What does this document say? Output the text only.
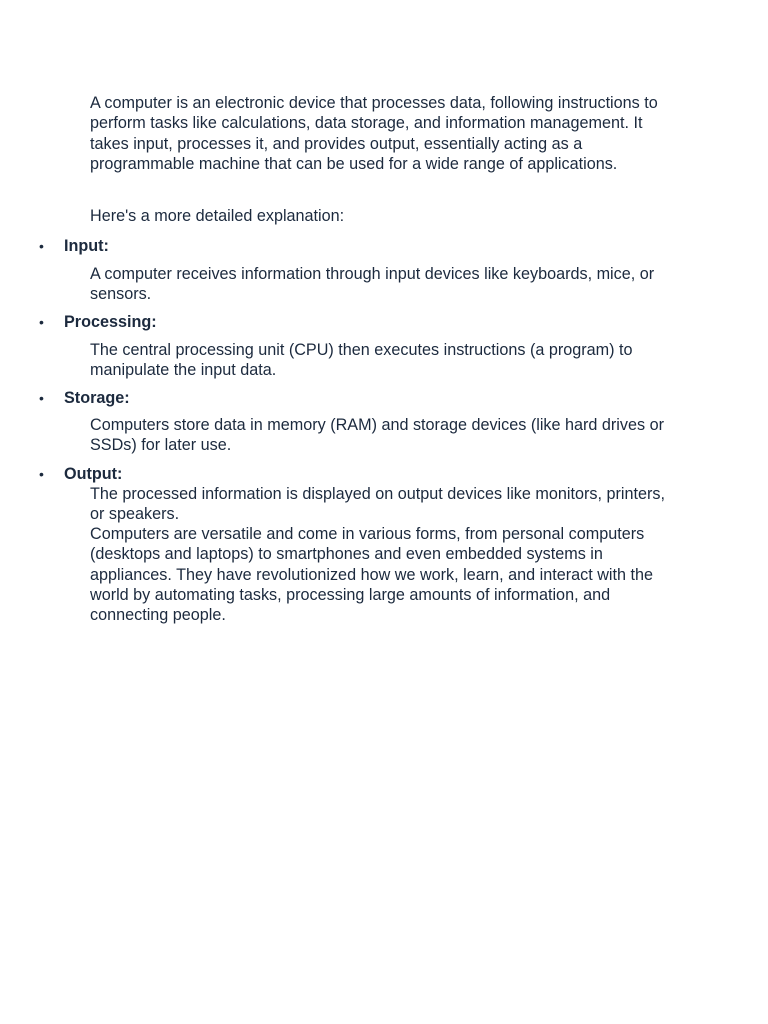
A computer is an electronic device that processes data, following instructions to perform tasks like calculations, data storage, and information management. It takes input, processes it, and provides output, essentially acting as a programmable machine that can be used for a wide range of applications.

Here's a more detailed explanation:

•	Input:

A computer receives information through input devices like keyboards, mice, or sensors.

•	Processing:

The central processing unit (CPU) then executes instructions (a program) to manipulate the input data.

•	Storage:

Computers store data in memory (RAM) and storage devices (like hard drives or SSDs) for later use.

•	Output:

The processed information is displayed on output devices like monitors, printers, or speakers.

Computers are versatile and come in various forms, from personal computers (desktops and laptops) to smartphones and even embedded systems in appliances. They have revolutionized how we work, learn, and interact with the world by automating tasks, processing large amounts of information, and connecting people.
